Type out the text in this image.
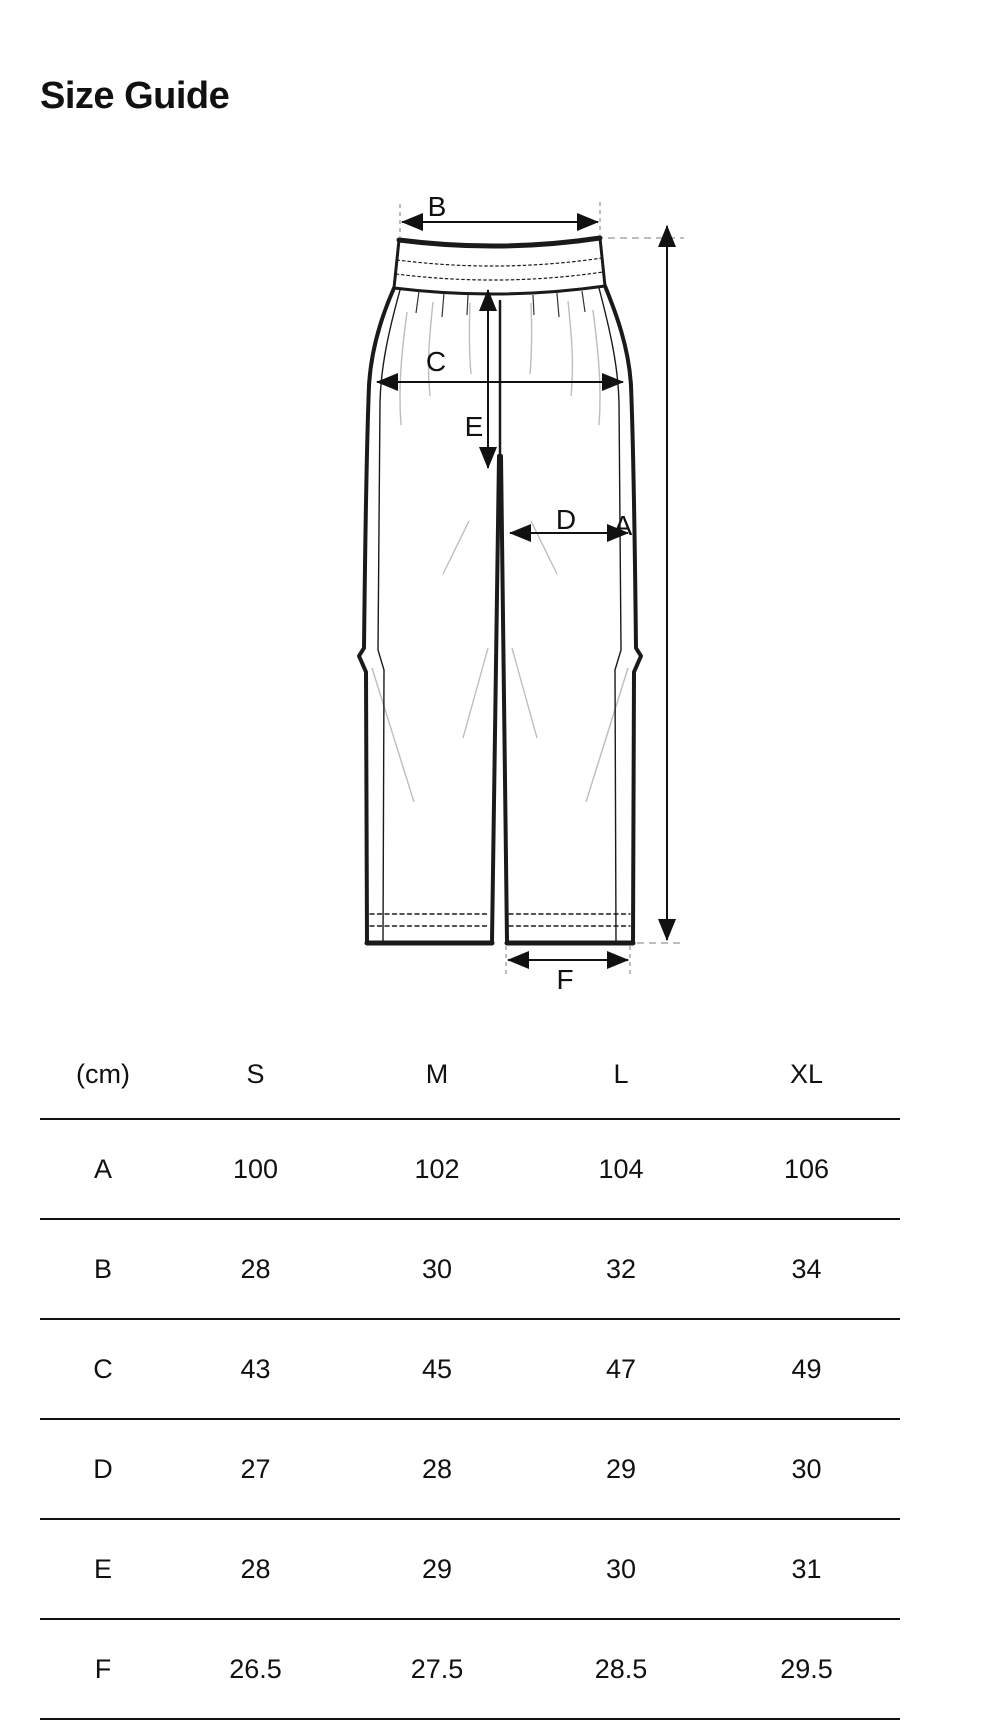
Size Guide
B
C
E
D A
F
(cm)	S	M	L	XL
A	100	102	104	106
B	28	30	32	34
C	43	45	47	49
D	27	28	29	30
E	28	29	30	31
F	26.5	27.5	28.5	29.5
